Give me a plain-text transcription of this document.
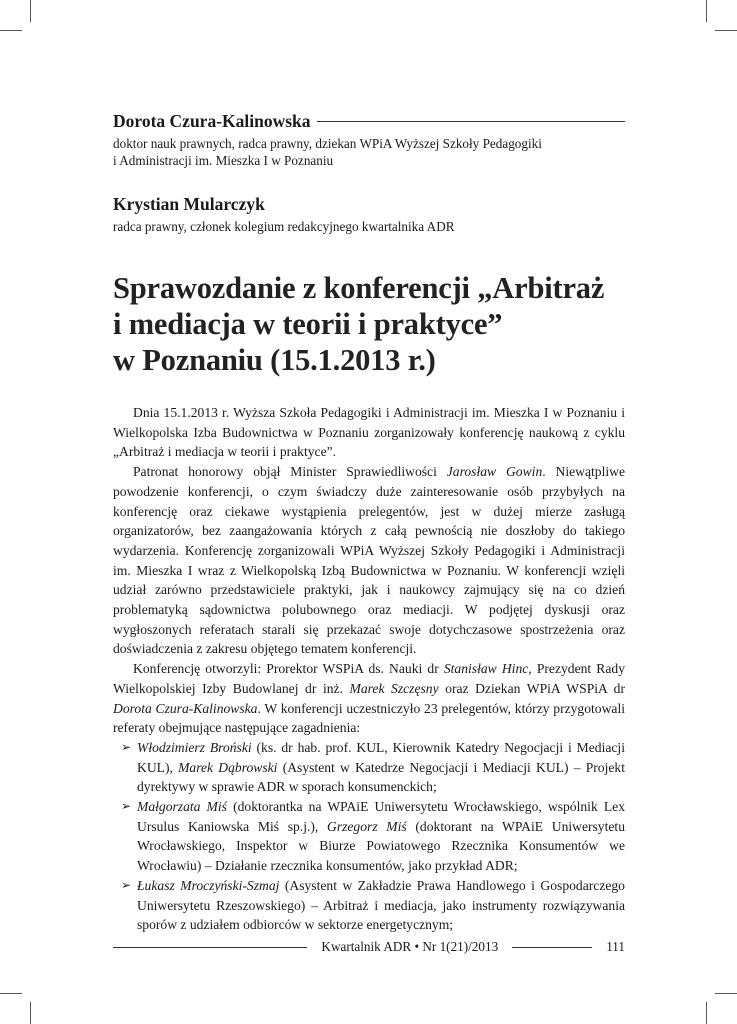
Dorota Czura-Kalinowska
doktor nauk prawnych, radca prawny, dziekan WPiA Wyższej Szkoły Pedagogiki
i Administracji im. Mieszka I w Poznaniu
Krystian Mularczyk
radca prawny, członek kolegium redakcyjnego kwartalnika ADR
Sprawozdanie z konferencji „Arbitraż
i mediacja w teorii i praktyce”
w Poznaniu (15.1.2013 r.)

Dnia 15.1.2013 r. Wyższa Szkoła Pedagogiki i Administracji im. Mieszka I w Poznaniu i Wielkopolska Izba Budownictwa w Poznaniu zorganizowały konferencję naukową z cyklu „Arbitraż i mediacja w teorii i praktyce”.

Patronat honorowy objął Minister Sprawiedliwości Jarosław Gowin. Niewątpliwe powodzenie konferencji, o czym świadczy duże zainteresowanie osób przybyłych na konferencję oraz ciekawe wystąpienia prelegentów, jest w dużej mierze zasługą organizatorów, bez zaangażowania których z całą pewnością nie doszłoby do takiego wydarzenia. Konferencję zorganizowali WPiA Wyższej Szkoły Pedagogiki i Administracji im. Mieszka I wraz z Wielkopolską Izbą Budownictwa w Poznaniu. W konferencji wzięli udział zarówno przedstawiciele praktyki, jak i naukowcy zajmujący się na co dzień problematyką sądownictwa polubownego oraz mediacji. W podjętej dyskusji oraz wygłoszonych referatach starali się przekazać swoje dotychczasowe spostrzeżenia oraz doświadczenia z zakresu objętego tematem konferencji.

Konferencję otworzyli: Prorektor WSPiA ds. Nauki dr Stanisław Hinc, Prezydent Rady Wielkopolskiej Izby Budowlanej dr inż. Marek Szczęsny oraz Dziekan WPiA WSPiA dr Dorota Czura-Kalinowska. W konferencji uczestniczyło 23 prelegentów, którzy przygotowali referaty obejmujące następujące zagadnienia:

➢ Włodzimierz Broński (ks. dr hab. prof. KUL, Kierownik Katedry Negocjacji i Mediacji KUL), Marek Dąbrowski (Asystent w Katedrze Negocjacji i Mediacji KUL) – Projekt dyrektywy w sprawie ADR w sporach konsumenckich;
➢ Małgorzata Miś (doktorantka na WPAiE Uniwersytetu Wrocławskiego, wspólnik Lex Ursulus Kaniowska Miś sp.j.), Grzegorz Miś (doktorant na WPAiE Uniwersytetu Wrocławskiego, Inspektor w Biurze Powiatowego Rzecznika Konsumentów we Wrocławiu) – Działanie rzecznika konsumentów, jako przykład ADR;
➢ Łukasz Mroczyński-Szmaj (Asystent w Zakładzie Prawa Handlowego i Gospodarczego Uniwersytetu Rzeszowskiego) – Arbitraż i mediacja, jako instrumenty rozwiązywania sporów z udziałem odbiorców w sektorze energetycznym;
Kwartalnik ADR • Nr 1(21)/2013	111
